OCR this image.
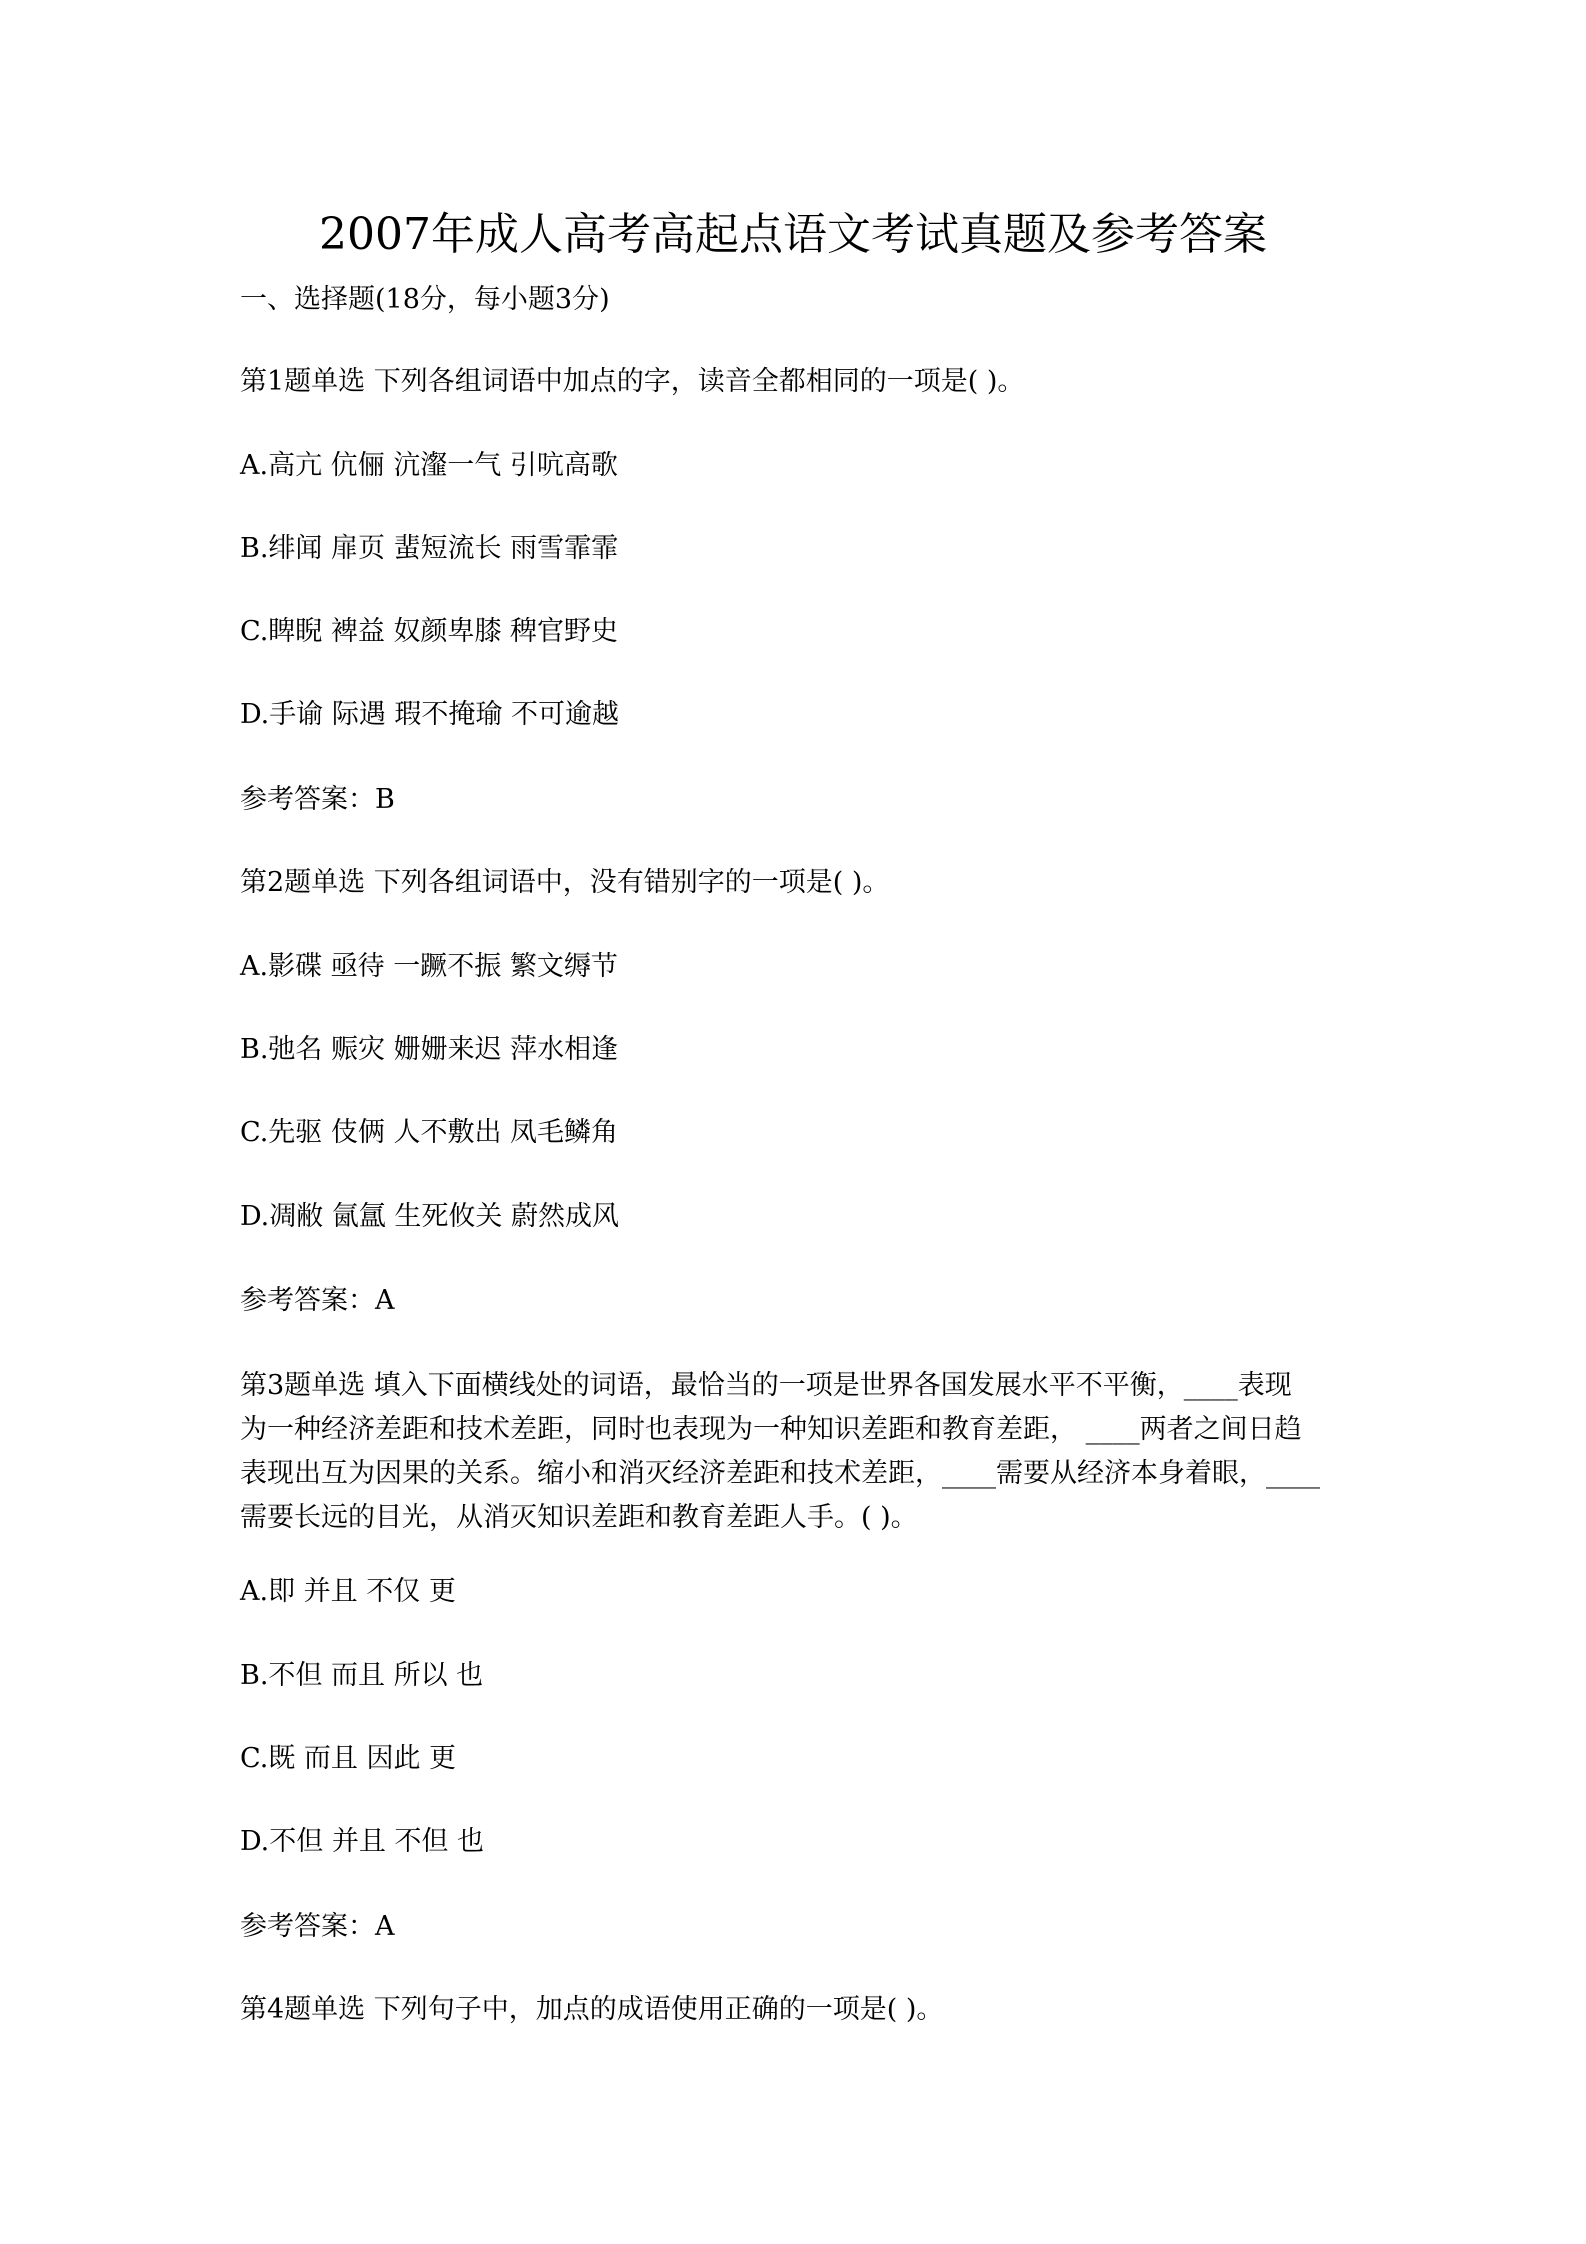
2007年成人高考高起点语文考试真题及参考答案
一、选择题(18分，每小题3分)
第1题单选 下列各组词语中加点的字，读音全都相同的一项是( )。
A.高亢 伉俪 沆瀣一气 引吭高歌
B.绯闻 扉页 蜚短流长 雨雪霏霏
C.睥睨 裨益 奴颜卑膝 稗官野史
D.手谕 际遇 瑕不掩瑜 不可逾越
参考答案：B
第2题单选 下列各组词语中，没有错别字的一项是( )。
A.影碟 亟待 一蹶不振 繁文缛节
B.弛名 赈灾 姗姗来迟 萍水相逢
C.先驱 伎俩 人不敷出 凤毛鳞角
D.凋敝 氤氲 生死攸关 蔚然成风
参考答案：A
第3题单选 填入下面横线处的词语，最恰当的一项是世界各国发展水平不平衡，____表现
为一种经济差距和技术差距，同时也表现为一种知识差距和教育差距， ____两者之间日趋
表现出互为因果的关系。缩小和消灭经济差距和技术差距，____需要从经济本身着眼，____
需要长远的目光，从消灭知识差距和教育差距人手。( )。
A.即 并且 不仅 更
B.不但 而且 所以 也
C.既 而且 因此 更
D.不但 并且 不但 也
参考答案：A
第4题单选 下列句子中，加点的成语使用正确的一项是( )。
